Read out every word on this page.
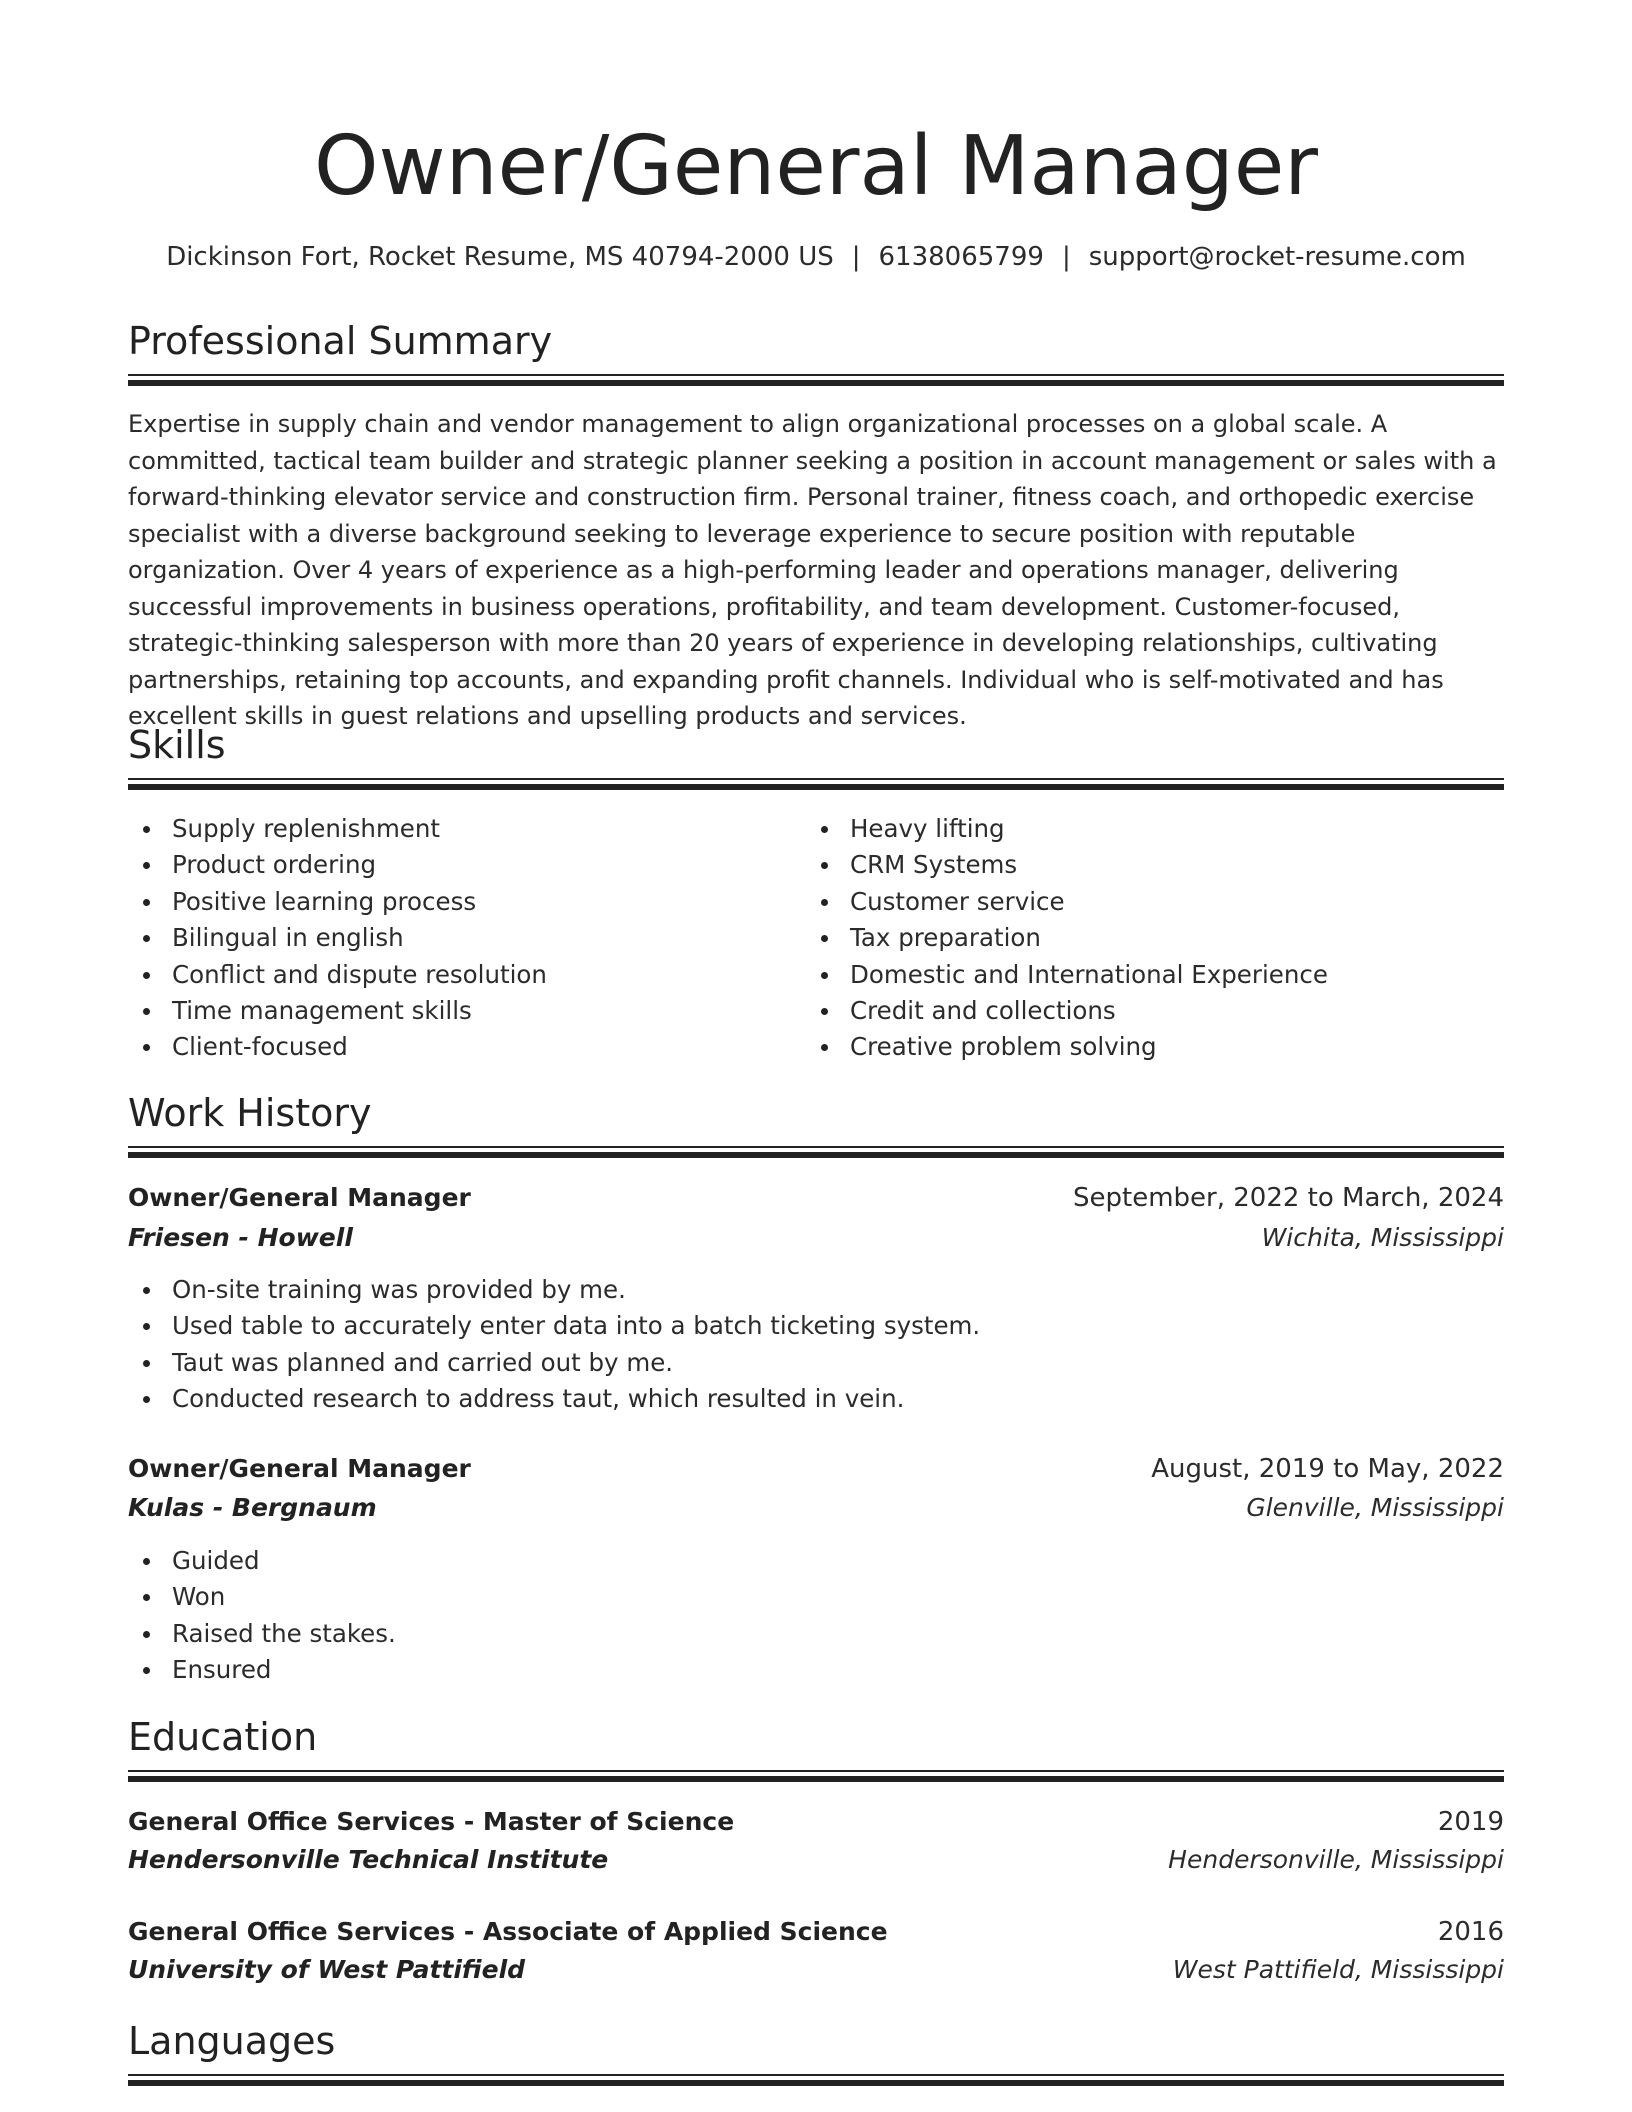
Owner/General Manager
Dickinson Fort, Rocket Resume, MS 40794-2000 US | 6138065799 | support@rocket-resume.com
Professional Summary
Expertise in supply chain and vendor management to align organizational processes on a global scale. A committed, tactical team builder and strategic planner seeking a position in account management or sales with a forward-thinking elevator service and construction firm. Personal trainer, fitness coach, and orthopedic exercise specialist with a diverse background seeking to leverage experience to secure position with reputable organization. Over 4 years of experience as a high-performing leader and operations manager, delivering successful improvements in business operations, profitability, and team development. Customer-focused, strategic-thinking salesperson with more than 20 years of experience in developing relationships, cultivating partnerships, retaining top accounts, and expanding profit channels. Individual who is self-motivated and has excellent skills in guest relations and upselling products and services.
Skills
Supply replenishment
Product ordering
Positive learning process
Bilingual in english
Conflict and dispute resolution
Time management skills
Client-focused
Heavy lifting
CRM Systems
Customer service
Tax preparation
Domestic and International Experience
Credit and collections
Creative problem solving
Work History
Owner/General Manager	September, 2022 to March, 2024
Friesen - Howell	Wichita, Mississippi
On-site training was provided by me.
Used table to accurately enter data into a batch ticketing system.
Taut was planned and carried out by me.
Conducted research to address taut, which resulted in vein.
Owner/General Manager	August, 2019 to May, 2022
Kulas - Bergnaum	Glenville, Mississippi
Guided
Won
Raised the stakes.
Ensured
Education
General Office Services - Master of Science	2019
Hendersonville Technical Institute	Hendersonville, Mississippi
General Office Services - Associate of Applied Science	2016
University of West Pattifield	West Pattifield, Mississippi
Languages
